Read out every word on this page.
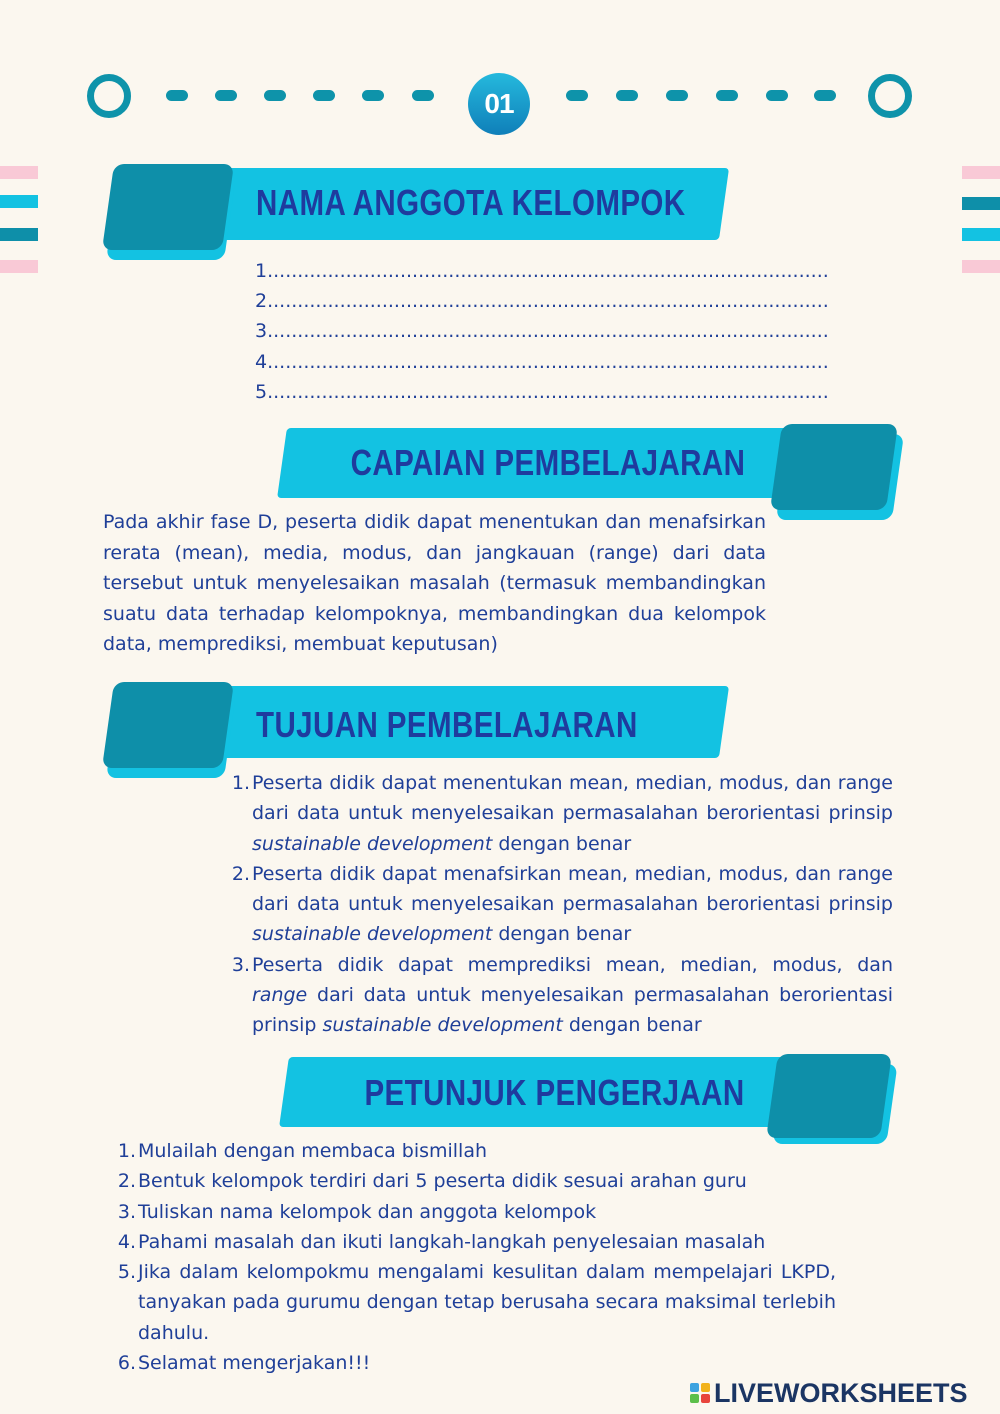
01
NAMA ANGGOTA KELOMPOK
1.............................................................................................
2.............................................................................................
3.............................................................................................
4.............................................................................................
5.............................................................................................
CAPAIAN PEMBELAJARAN
Pada akhir fase D, peserta didik dapat menentukan dan menafsirkan rerata (mean), media, modus, dan jangkauan (range) dari data tersebut untuk menyelesaikan masalah (termasuk membandingkan suatu data terhadap kelompoknya, membandingkan dua kelompok data, memprediksi, membuat keputusan)
TUJUAN PEMBELAJARAN
1. Peserta didik dapat menentukan mean, median, modus, dan range dari data untuk menyelesaikan permasalahan berorientasi prinsip sustainable development dengan benar
2. Peserta didik dapat menafsirkan mean, median, modus, dan range dari data untuk menyelesaikan permasalahan berorientasi prinsip sustainable development dengan benar
3. Peserta didik dapat memprediksi mean, median, modus, dan range dari data untuk menyelesaikan permasalahan berorientasi prinsip sustainable development dengan benar
PETUNJUK PENGERJAAN
1. Mulailah dengan membaca bismillah
2. Bentuk kelompok terdiri dari 5 peserta didik sesuai arahan guru
3. Tuliskan nama kelompok dan anggota kelompok
4. Pahami masalah dan ikuti langkah-langkah penyelesaian masalah
5. Jika dalam kelompokmu mengalami kesulitan dalam mempelajari LKPD, tanyakan pada gurumu dengan tetap berusaha secara maksimal terlebih dahulu.
6. Selamat mengerjakan!!!
LIVEWORKSHEETS
